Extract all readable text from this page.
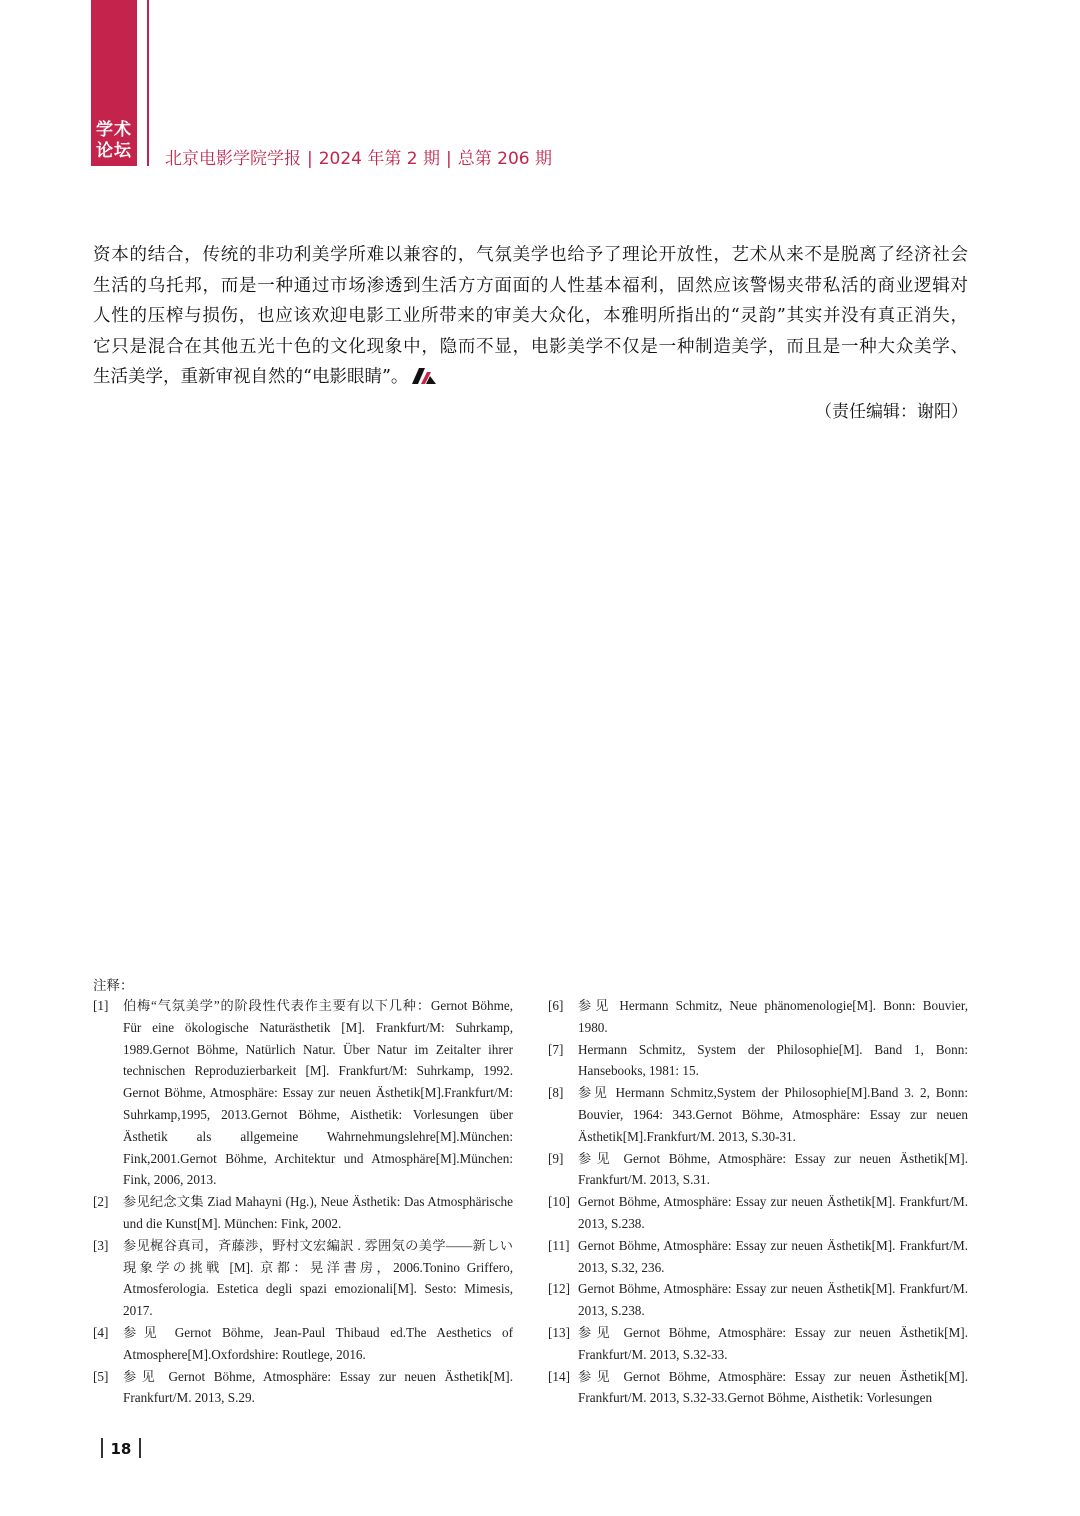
学术
论坛 北京电影学院学报 | 2024 年第 2 期 | 总第 206 期
资本的结合，传统的非功利美学所难以兼容的，气氛美学也给予了理论开放性，艺术从来不是脱离了经济社会
生活的乌托邦，而是一种通过市场渗透到生活方方面面的人性基本福利，固然应该警惕夹带私活的商业逻辑对
人性的压榨与损伤，也应该欢迎电影工业所带来的审美大众化，本雅明所指出的“灵韵”其实并没有真正消失，
它只是混合在其他五光十色的文化现象中，隐而不显，电影美学不仅是一种制造美学，而且是一种大众美学、
生活美学，重新审视自然的“电影眼睛”。
（责任编辑：谢阳）
注释：
[1]	伯梅“气氛美学”的阶段性代表作主要有以下几种：Gernot Böhme, Für eine ökologische Naturästhetik [M]. Frankfurt/M: Suhrkamp, 1989.Gernot Böhme, Natürlich Natur. Über Natur im Zeitalter ihrer technischen Reproduzierbarkeit [M]. Frankfurt/M: Suhrkamp, 1992. Gernot Böhme, Atmosphäre: Essay zur neuen Ästhetik[M].Frankfurt/M: Suhrkamp,1995, 2013.Gernot Böhme, Aisthetik: Vorlesungen über Ästhetik als allgemeine Wahrnehmungslehre[M].München: Fink,2001.Gernot Böhme, Architektur und Atmosphäre[M].München: Fink, 2006, 2013.
[2]	参见纪念文集 Ziad Mahayni (Hg.), Neue Ästhetik: Das Atmosphärische und die Kunst[M]. München: Fink, 2002.
[3]	参见梶谷真司，斉藤渉，野村文宏編訳 . 雰囲気の美学——新しい現象学の挑戦 [M]. 京都：晃洋書房，2006.Tonino Griffero, Atmosferologia. Estetica degli spazi emozionali[M]. Sesto: Mimesis, 2017.
[4]	参见 Gernot Böhme, Jean-Paul Thibaud ed.The Aesthetics of Atmosphere[M].Oxfordshire: Routlege, 2016.
[5]	参见 Gernot Böhme, Atmosphäre: Essay zur neuen Ästhetik[M]. Frankfurt/M. 2013, S.29.
[6]	参见 Hermann Schmitz, Neue phänomenologie[M]. Bonn: Bouvier, 1980.
[7]	Hermann Schmitz, System der Philosophie[M]. Band 1, Bonn: Hansebooks, 1981: 15.
[8]	参见 Hermann Schmitz,System der Philosophie[M].Band 3. 2, Bonn: Bouvier, 1964: 343.Gernot Böhme, Atmosphäre: Essay zur neuen Ästhetik[M].Frankfurt/M. 2013, S.30-31.
[9]	参见 Gernot Böhme, Atmosphäre: Essay zur neuen Ästhetik[M]. Frankfurt/M. 2013, S.31.
[10] Gernot Böhme, Atmosphäre: Essay zur neuen Ästhetik[M]. Frankfurt/M. 2013, S.238.
[11] Gernot Böhme, Atmosphäre: Essay zur neuen Ästhetik[M]. Frankfurt/M. 2013, S.32, 236.
[12] Gernot Böhme, Atmosphäre: Essay zur neuen Ästhetik[M]. Frankfurt/M. 2013, S.238.
[13] 参见 Gernot Böhme, Atmosphäre: Essay zur neuen Ästhetik[M]. Frankfurt/M. 2013, S.32-33.
[14] 参见 Gernot Böhme, Atmosphäre: Essay zur neuen Ästhetik[M]. Frankfurt/M. 2013, S.32-33.Gernot Böhme, Aisthetik: Vorlesungen
18
